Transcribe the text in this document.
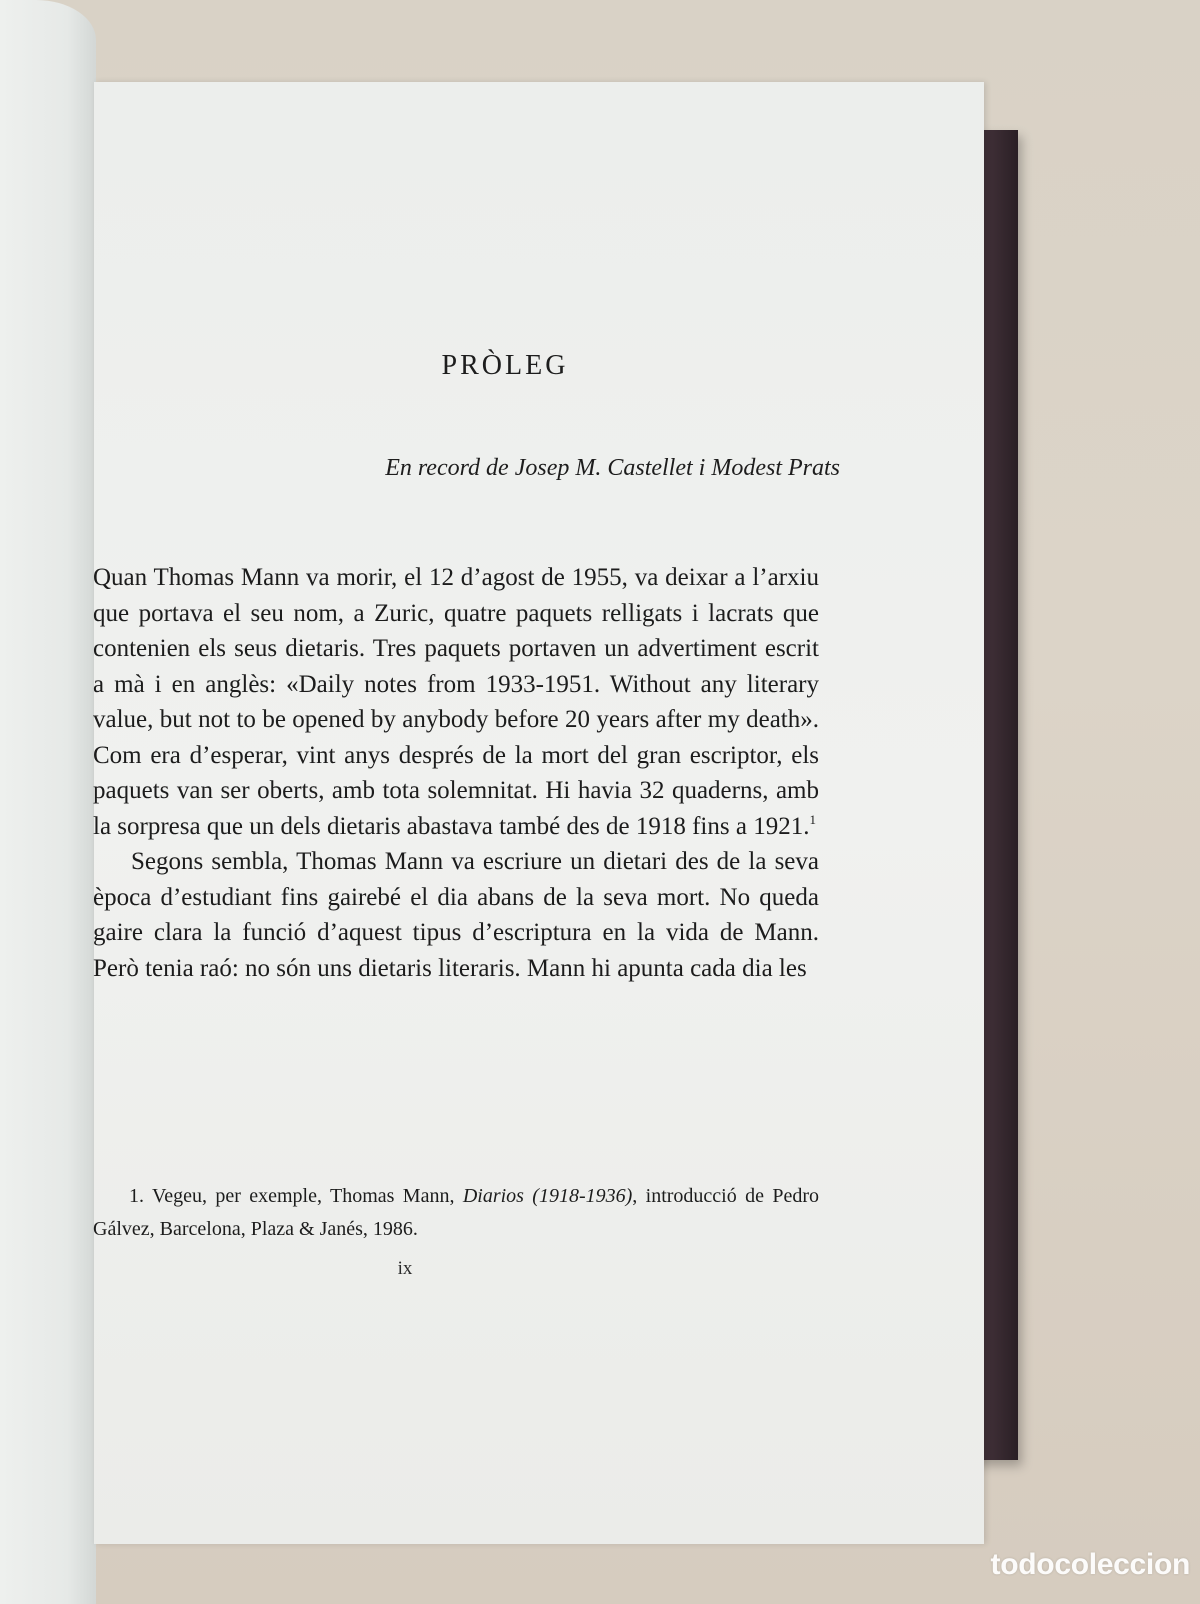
PRÒLEG
En record de Josep M. Castellet i Modest Prats

Quan Thomas Mann va morir, el 12 d’agost de 1955, va deixar a l’arxiu que portava el seu nom, a Zuric, quatre paquets relligats i lacrats que contenien els seus dietaris. Tres paquets portaven un advertiment escrit a mà i en anglès: «Daily notes from 1933-1951. Without any literary value, but not to be opened by anybody before 20 years after my death». Com era d’esperar, vint anys després de la mort del gran escriptor, els paquets van ser oberts, amb tota solemnitat. Hi havia 32 quaderns, amb la sorpresa que un dels dietaris abastava també des de 1918 fins a 1921.$^1$

Segons sembla, Thomas Mann va escriure un dietari des de la seva època d’estudiant fins gairebé el dia abans de la seva mort. No queda gaire clara la funció d’aquest tipus d’escriptura en la vida de Mann. Però tenia raó: no són uns dietaris literaris. Mann hi apunta cada dia les

1. Vegeu, per exemple, Thomas Mann, Diarios (1918-1936), introducció de Pedro Gálvez, Barcelona, Plaza & Janés, 1986.
ix
todocoleccion
